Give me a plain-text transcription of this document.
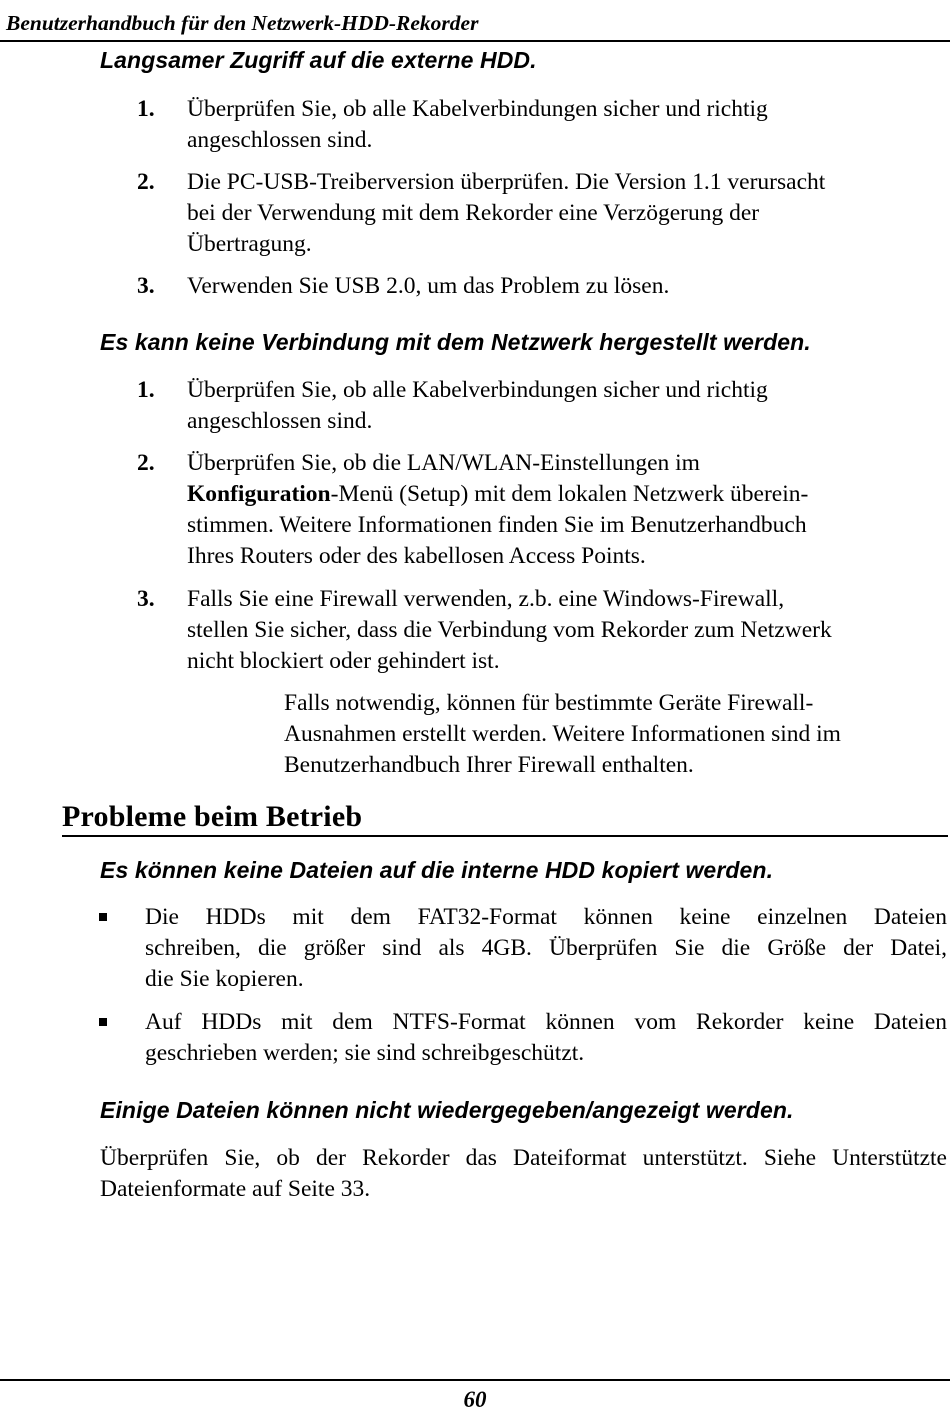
Benutzerhandbuch für den Netzwerk-HDD-Rekorder
Langsamer Zugriff auf die externe HDD.
1. Überprüfen Sie, ob alle Kabelverbindungen sicher und richtig
angeschlossen sind.
2. Die PC-USB-Treiberversion überprüfen. Die Version 1.1 verursacht
bei der Verwendung mit dem Rekorder eine Verzögerung der
Übertragung.
3. Verwenden Sie USB 2.0, um das Problem zu lösen.
Es kann keine Verbindung mit dem Netzwerk hergestellt werden.
1. Überprüfen Sie, ob alle Kabelverbindungen sicher und richtig
angeschlossen sind.
2. Überprüfen Sie, ob die LAN/WLAN-Einstellungen im
Konfiguration-Menü (Setup) mit dem lokalen Netzwerk überein-
stimmen. Weitere Informationen finden Sie im Benutzerhandbuch
Ihres Routers oder des kabellosen Access Points.
3. Falls Sie eine Firewall verwenden, z.b. eine Windows-Firewall,
stellen Sie sicher, dass die Verbindung vom Rekorder zum Netzwerk
nicht blockiert oder gehindert ist.
Falls notwendig, können für bestimmte Geräte Firewall-
Ausnahmen erstellt werden. Weitere Informationen sind im
Benutzerhandbuch Ihrer Firewall enthalten.
Probleme beim Betrieb
Es können keine Dateien auf die interne HDD kopiert werden.
Die HDDs mit dem FAT32-Format können keine einzelnen Dateien
schreiben, die größer sind als 4GB. Überprüfen Sie die Größe der Datei,
die Sie kopieren.
Auf HDDs mit dem NTFS-Format können vom Rekorder keine Dateien
geschrieben werden; sie sind schreibgeschützt.
Einige Dateien können nicht wiedergegeben/angezeigt werden.
Überprüfen Sie, ob der Rekorder das Dateiformat unterstützt. Siehe Unterstützte
Dateienformate auf Seite 33.
60
